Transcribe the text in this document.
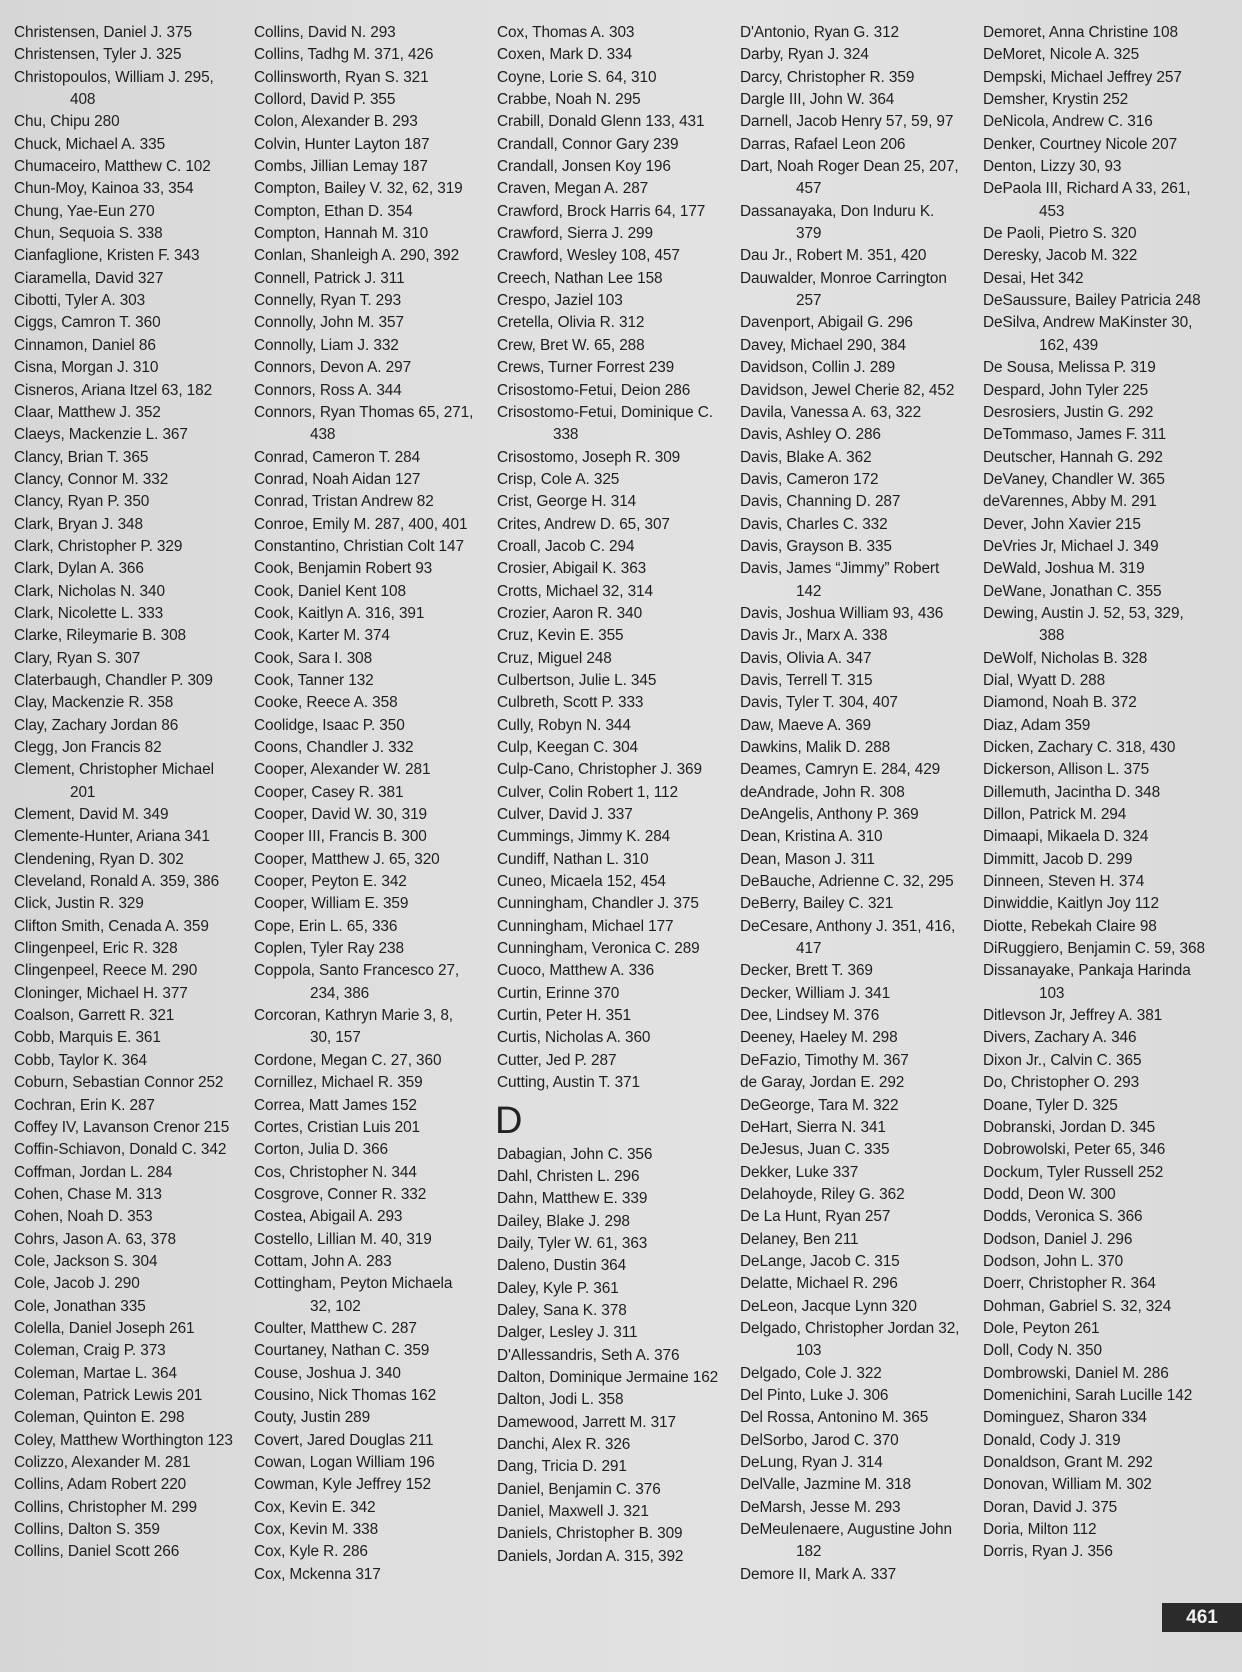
Christensen, Daniel J. 375

Christensen, Tyler J. 325

Christopoulos, William J. 295, 408

Chu, Chipu 280

Chuck, Michael A. 335

Chumaceiro, Matthew C. 102

Chun-Moy, Kainoa 33, 354

Chung, Yae-Eun 270

Chun, Sequoia S. 338

Cianfaglione, Kristen F. 343

Ciaramella, David 327

Cibotti, Tyler A. 303

Ciggs, Camron T. 360

Cinnamon, Daniel 86

Cisna, Morgan J. 310

Cisneros, Ariana Itzel 63, 182

Claar, Matthew J. 352

Claeys, Mackenzie L. 367

Clancy, Brian T. 365

Clancy, Connor M. 332

Clancy, Ryan P. 350

Clark, Bryan J. 348

Clark, Christopher P. 329

Clark, Dylan A. 366

Clark, Nicholas N. 340

Clark, Nicolette L. 333

Clarke, Rileymarie B. 308

Clary, Ryan S. 307

Claterbaugh, Chandler P. 309

Clay, Mackenzie R. 358

Clay, Zachary Jordan 86

Clegg, Jon Francis 82

Clement, Christopher Michael 201

Clement, David M. 349

Clemente-Hunter, Ariana 341

Clendening, Ryan D. 302

Cleveland, Ronald A. 359, 386

Click, Justin R. 329

Clifton Smith, Cenada A. 359

Clingenpeel, Eric R. 328

Clingenpeel, Reece M. 290

Cloninger, Michael H. 377

Coalson, Garrett R. 321

Cobb, Marquis E. 361

Cobb, Taylor K. 364

Coburn, Sebastian Connor 252

Cochran, Erin K. 287

Coffey IV, Lavanson Crenor 215

Coffin-Schiavon, Donald C. 342

Coffman, Jordan L. 284

Cohen, Chase M. 313

Cohen, Noah D. 353

Cohrs, Jason A. 63, 378

Cole, Jackson S. 304

Cole, Jacob J. 290

Cole, Jonathan 335

Colella, Daniel Joseph 261

Coleman, Craig P. 373

Coleman, Martae L. 364

Coleman, Patrick Lewis 201

Coleman, Quinton E. 298

Coley, Matthew Worthington 123

Colizzo, Alexander M. 281

Collins, Adam Robert 220

Collins, Christopher M. 299

Collins, Dalton S. 359

Collins, Daniel Scott 266

Collins, David N. 293

Collins, Tadhg M. 371, 426

Collinsworth, Ryan S. 321

Collord, David P. 355

Colon, Alexander B. 293

Colvin, Hunter Layton 187

Combs, Jillian Lemay 187

Compton, Bailey V. 32, 62, 319

Compton, Ethan D. 354

Compton, Hannah M. 310

Conlan, Shanleigh A. 290, 392

Connell, Patrick J. 311

Connelly, Ryan T. 293

Connolly, John M. 357

Connolly, Liam J. 332

Connors, Devon A. 297

Connors, Ross A. 344

Connors, Ryan Thomas 65, 271, 438

Conrad, Cameron T. 284

Conrad, Noah Aidan 127

Conrad, Tristan Andrew 82

Conroe, Emily M. 287, 400, 401

Constantino, Christian Colt 147

Cook, Benjamin Robert 93

Cook, Daniel Kent 108

Cook, Kaitlyn A. 316, 391

Cook, Karter M. 374

Cook, Sara I. 308

Cook, Tanner 132

Cooke, Reece A. 358

Coolidge, Isaac P. 350

Coons, Chandler J. 332

Cooper, Alexander W. 281

Cooper, Casey R. 381

Cooper, David W. 30, 319

Cooper III, Francis B. 300

Cooper, Matthew J. 65, 320

Cooper, Peyton E. 342

Cooper, William E. 359

Cope, Erin L. 65, 336

Coplen, Tyler Ray 238

Coppola, Santo Francesco 27, 234, 386

Corcoran, Kathryn Marie 3, 8, 30, 157

Cordone, Megan C. 27, 360

Cornillez, Michael R. 359

Correa, Matt James 152

Cortes, Cristian Luis 201

Corton, Julia D. 366

Cos, Christopher N. 344

Cosgrove, Conner R. 332

Costea, Abigail A. 293

Costello, Lillian M. 40, 319

Cottam, John A. 283

Cottingham, Peyton Michaela 32, 102

Coulter, Matthew C. 287

Courtaney, Nathan C. 359

Couse, Joshua J. 340

Cousino, Nick Thomas 162

Couty, Justin 289

Covert, Jared Douglas 211

Cowan, Logan William 196

Cowman, Kyle Jeffrey 152

Cox, Kevin E. 342

Cox, Kevin M. 338

Cox, Kyle R. 286

Cox, Mckenna 317

Cox, Thomas A. 303

Coxen, Mark D. 334

Coyne, Lorie S. 64, 310

Crabbe, Noah N. 295

Crabill, Donald Glenn 133, 431

Crandall, Connor Gary 239

Crandall, Jonsen Koy 196

Craven, Megan A. 287

Crawford, Brock Harris 64, 177

Crawford, Sierra J. 299

Crawford, Wesley 108, 457

Creech, Nathan Lee 158

Crespo, Jaziel 103

Cretella, Olivia R. 312

Crew, Bret W. 65, 288

Crews, Turner Forrest 239

Crisostomo-Fetui, Deion 286

Crisostomo-Fetui, Dominique C. 338

Crisostomo, Joseph R. 309

Crisp, Cole A. 325

Crist, George H. 314

Crites, Andrew D. 65, 307

Croall, Jacob C. 294

Crosier, Abigail K. 363

Crotts, Michael 32, 314

Crozier, Aaron R. 340

Cruz, Kevin E. 355

Cruz, Miguel 248

Culbertson, Julie L. 345

Culbreth, Scott P. 333

Cully, Robyn N. 344

Culp, Keegan C. 304

Culp-Cano, Christopher J. 369

Culver, Colin Robert 1, 112

Culver, David J. 337

Cummings, Jimmy K. 284

Cundiff, Nathan L. 310

Cuneo, Micaela 152, 454

Cunningham, Chandler J. 375

Cunningham, Michael 177

Cunningham, Veronica C. 289

Cuoco, Matthew A. 336

Curtin, Erinne 370

Curtin, Peter H. 351

Curtis, Nicholas A. 360

Cutter, Jed P. 287

Cutting, Austin T. 371

D

Dabagian, John C. 356

Dahl, Christen L. 296

Dahn, Matthew E. 339

Dailey, Blake J. 298

Daily, Tyler W. 61, 363

Daleno, Dustin 364

Daley, Kyle P. 361

Daley, Sana K. 378

Dalger, Lesley J. 311

D'Allessandris, Seth A. 376

Dalton, Dominique Jermaine 162

Dalton, Jodi L. 358

Damewood, Jarrett M. 317

Danchi, Alex R. 326

Dang, Tricia D. 291

Daniel, Benjamin C. 376

Daniel, Maxwell J. 321

Daniels, Christopher B. 309

Daniels, Jordan A. 315, 392

D'Antonio, Ryan G. 312

Darby, Ryan J. 324

Darcy, Christopher R. 359

Dargle III, John W. 364

Darnell, Jacob Henry 57, 59, 97

Darras, Rafael Leon 206

Dart, Noah Roger Dean 25, 207, 457

Dassanayaka, Don Induru K. 379

Dau Jr., Robert M. 351, 420

Dauwalder, Monroe Carrington 257

Davenport, Abigail G. 296

Davey, Michael 290, 384

Davidson, Collin J. 289

Davidson, Jewel Cherie 82, 452

Davila, Vanessa A. 63, 322

Davis, Ashley O. 286

Davis, Blake A. 362

Davis, Cameron 172

Davis, Channing D. 287

Davis, Charles C. 332

Davis, Grayson B. 335

Davis, James “Jimmy” Robert 142

Davis, Joshua William 93, 436

Davis Jr., Marx A. 338

Davis, Olivia A. 347

Davis, Terrell T. 315

Davis, Tyler T. 304, 407

Daw, Maeve A. 369

Dawkins, Malik D. 288

Deames, Camryn E. 284, 429

deAndrade, John R. 308

DeAngelis, Anthony P. 369

Dean, Kristina A. 310

Dean, Mason J. 311

DeBauche, Adrienne C. 32, 295

DeBerry, Bailey C. 321

DeCesare, Anthony J. 351, 416, 417

Decker, Brett T. 369

Decker, William J. 341

Dee, Lindsey M. 376

Deeney, Haeley M. 298

DeFazio, Timothy M. 367

de Garay, Jordan E. 292

DeGeorge, Tara M. 322

DeHart, Sierra N. 341

DeJesus, Juan C. 335

Dekker, Luke 337

Delahoyde, Riley G. 362

De La Hunt, Ryan 257

Delaney, Ben 211

DeLange, Jacob C. 315

Delatte, Michael R. 296

DeLeon, Jacque Lynn 320

Delgado, Christopher Jordan 32, 103

Delgado, Cole J. 322

Del Pinto, Luke J. 306

Del Rossa, Antonino M. 365

DelSorbo, Jarod C. 370

DeLung, Ryan J. 314

DelValle, Jazmine M. 318

DeMarsh, Jesse M. 293

DeMeulenaere, Augustine John 182

Demore II, Mark A. 337

Demoret, Anna Christine 108

DeMoret, Nicole A. 325

Dempski, Michael Jeffrey 257

Demsher, Krystin 252

DeNicola, Andrew C. 316

Denker, Courtney Nicole 207

Denton, Lizzy 30, 93

DePaola III, Richard A 33, 261, 453

De Paoli, Pietro S. 320

Deresky, Jacob M. 322

Desai, Het 342

DeSaussure, Bailey Patricia 248

DeSilva, Andrew MaKinster 30, 162, 439

De Sousa, Melissa P. 319

Despard, John Tyler 225

Desrosiers, Justin G. 292

DeTommaso, James F. 311

Deutscher, Hannah G. 292

DeVaney, Chandler W. 365

deVarennes, Abby M. 291

Dever, John Xavier 215

DeVries Jr, Michael J. 349

DeWald, Joshua M. 319

DeWane, Jonathan C. 355

Dewing, Austin J. 52, 53, 329, 388

DeWolf, Nicholas B. 328

Dial, Wyatt D. 288

Diamond, Noah B. 372

Diaz, Adam 359

Dicken, Zachary C. 318, 430

Dickerson, Allison L. 375

Dillemuth, Jacintha D. 348

Dillon, Patrick M. 294

Dimaapi, Mikaela D. 324

Dimmitt, Jacob D. 299

Dinneen, Steven H. 374

Dinwiddie, Kaitlyn Joy 112

Diotte, Rebekah Claire 98

DiRuggiero, Benjamin C. 59, 368

Dissanayake, Pankaja Harinda 103

Ditlevson Jr, Jeffrey A. 381

Divers, Zachary A. 346

Dixon Jr., Calvin C. 365

Do, Christopher O. 293

Doane, Tyler D. 325

Dobranski, Jordan D. 345

Dobrowolski, Peter 65, 346

Dockum, Tyler Russell 252

Dodd, Deon W. 300

Dodds, Veronica S. 366

Dodson, Daniel J. 296

Dodson, John L. 370

Doerr, Christopher R. 364

Dohman, Gabriel S. 32, 324

Dole, Peyton 261

Doll, Cody N. 350

Dombrowski, Daniel M. 286

Domenichini, Sarah Lucille 142

Dominguez, Sharon 334

Donald, Cody J. 319

Donaldson, Grant M. 292

Donovan, William M. 302

Doran, David J. 375

Doria, Milton 112

Dorris, Ryan J. 356

461
